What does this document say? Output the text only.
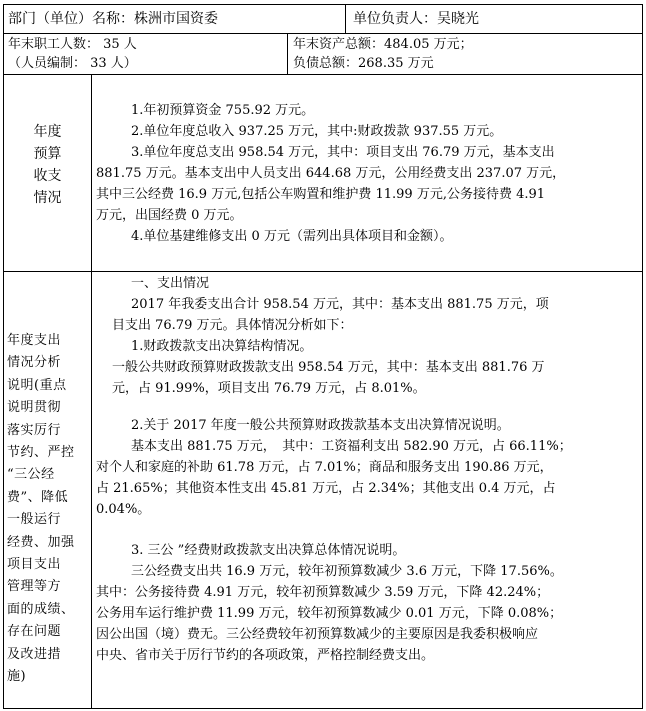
部门（单位）名称：株洲市国资委	单位负责人：吴晓光
年末职工人数： 35 人
（人员编制： 33 人）
年末资产总额：484.05 万元；
负债总额：268.35 万元
年度
预算
收支
情况
1.年初预算资金 755.92 万元。
2.单位年度总收入 937.25 万元，其中:财政拨款 937.55 万元。
3.单位年度总支出 958.54 万元，其中：项目支出 76.79 万元，基本支出
881.75 万元。基本支出中人员支出 644.68 万元，公用经费支出 237.07 万元，
其中三公经费 16.9 万元,包括公车购置和维护费 11.99 万元,公务接待费 4.91
万元，出国经费 0 万元。
4.单位基建维修支出 0 万元（需列出具体项目和金额）。
年度支出
情况分析
说明(重点
说明贯彻
落实厉行
节约、严控
“三公经
费”、降低
一般运行
经费、加强
项目支出
管理等方
面的成绩、
存在问题
及改进措
施)
一、支出情况
2017 年我委支出合计 958.54 万元，其中：基本支出 881.75 万元，项
目支出 76.79 万元。具体情况分析如下：
1.财政拨款支出决算结构情况。
一般公共财政预算财政拨款支出 958.54 万元，其中：基本支出 881.76 万
元，占 91.99%，项目支出 76.79 万元，占 8.01%。
2.关于 2017 年度一般公共预算财政拨款基本支出决算情况说明。
基本支出 881.75 万元，　其中：工资福利支出 582.90 万元，占 66.11%；
对个人和家庭的补助 61.78 万元，占 7.01%；商品和服务支出 190.86 万元，
占 21.65%；其他资本性支出 45.81 万元，占 2.34%；其他支出 0.4 万元，占
0.04%。
3. 三公 ”经费财政拨款支出决算总体情况说明。
三公经费支出共 16.9 万元，较年初预算数减少 3.6 万元，下降 17.56%。
其中：公务接待费 4.91 万元，较年初预算数减少 3.59 万元，下降 42.24%；
公务用车运行维护费 11.99 万元，较年初预算数减少 0.01 万元，下降 0.08%；
因公出国（境）费无。三公经费较年初预算数减少的主要原因是我委积极响应
中央、省市关于厉行节约的各项政策，严格控制经费支出。
